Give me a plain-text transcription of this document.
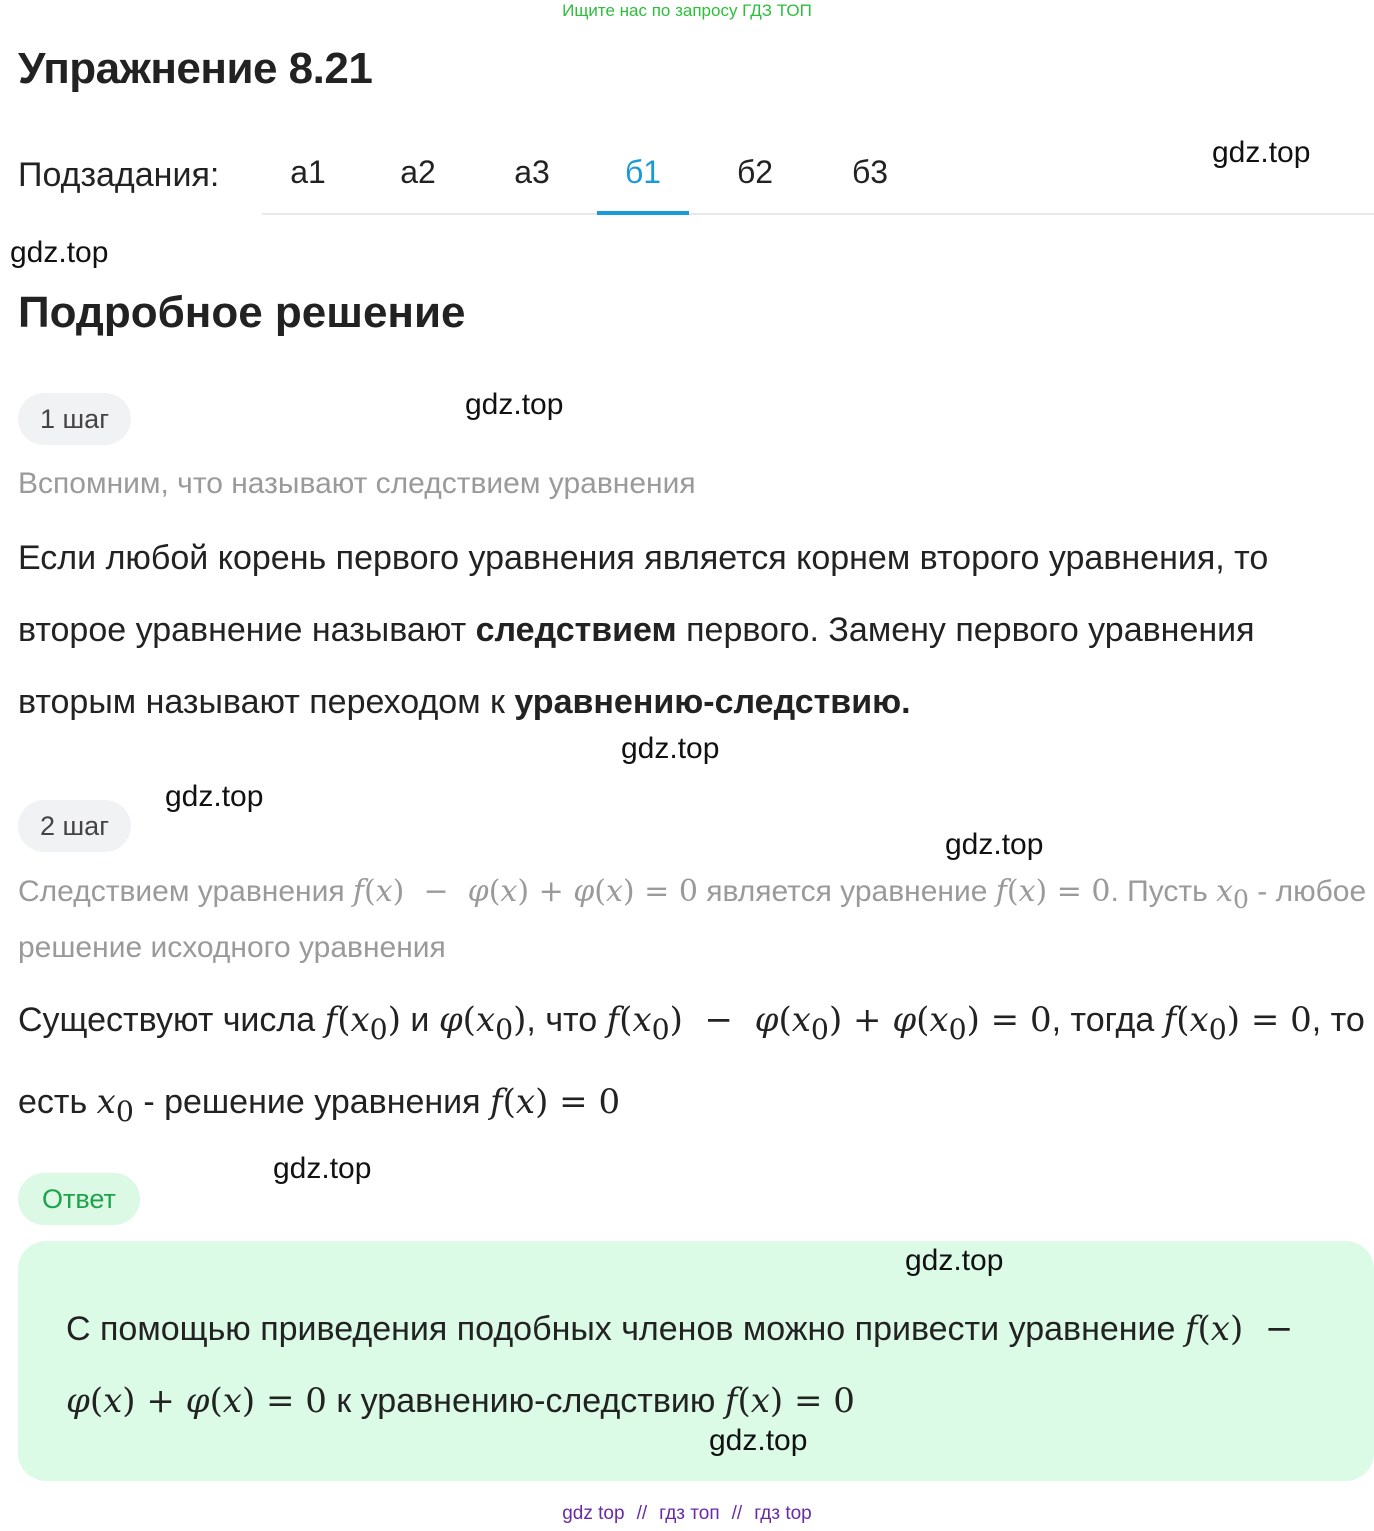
Ищите нас по запросу ГДЗ ТОП
Упражнение 8.21
Подзадания:	а1	а2	а3	б1	б2	б3
gdz.top
gdz.top
Подробное решение
1 шаг	gdz.top
Вспомним, что называют следствием уравнения
Если любой корень первого уравнения является корнем второго уравнения, то второе уравнение называют следствием первого. Замену первого уравнения вторым называют переходом к уравнению-следствию.
gdz.top
gdz.top
gdz.top
2 шаг
Следствием уравнения f(x)  −  φ(x) + φ(x) = 0 является уравнение f(x) = 0. Пусть $x_0$ - любое решение исходного уравнения
Существуют числа $f(x_0)$ и $\varphi(x_0)$, что $f(x_0) - \varphi(x_0) + \varphi(x_0) = 0$, тогда $f(x_0) = 0$, то есть $x_0$ - решение уравнения f(x) = 0
gdz.top
Ответ
С помощью приведения подобных членов можно привести уравнение f(x)  −  φ(x) + φ(x) = 0 к уравнению-следствию f(x) = 0
gdz.top
gdz.top
gdz top // гдз топ // гдз top
